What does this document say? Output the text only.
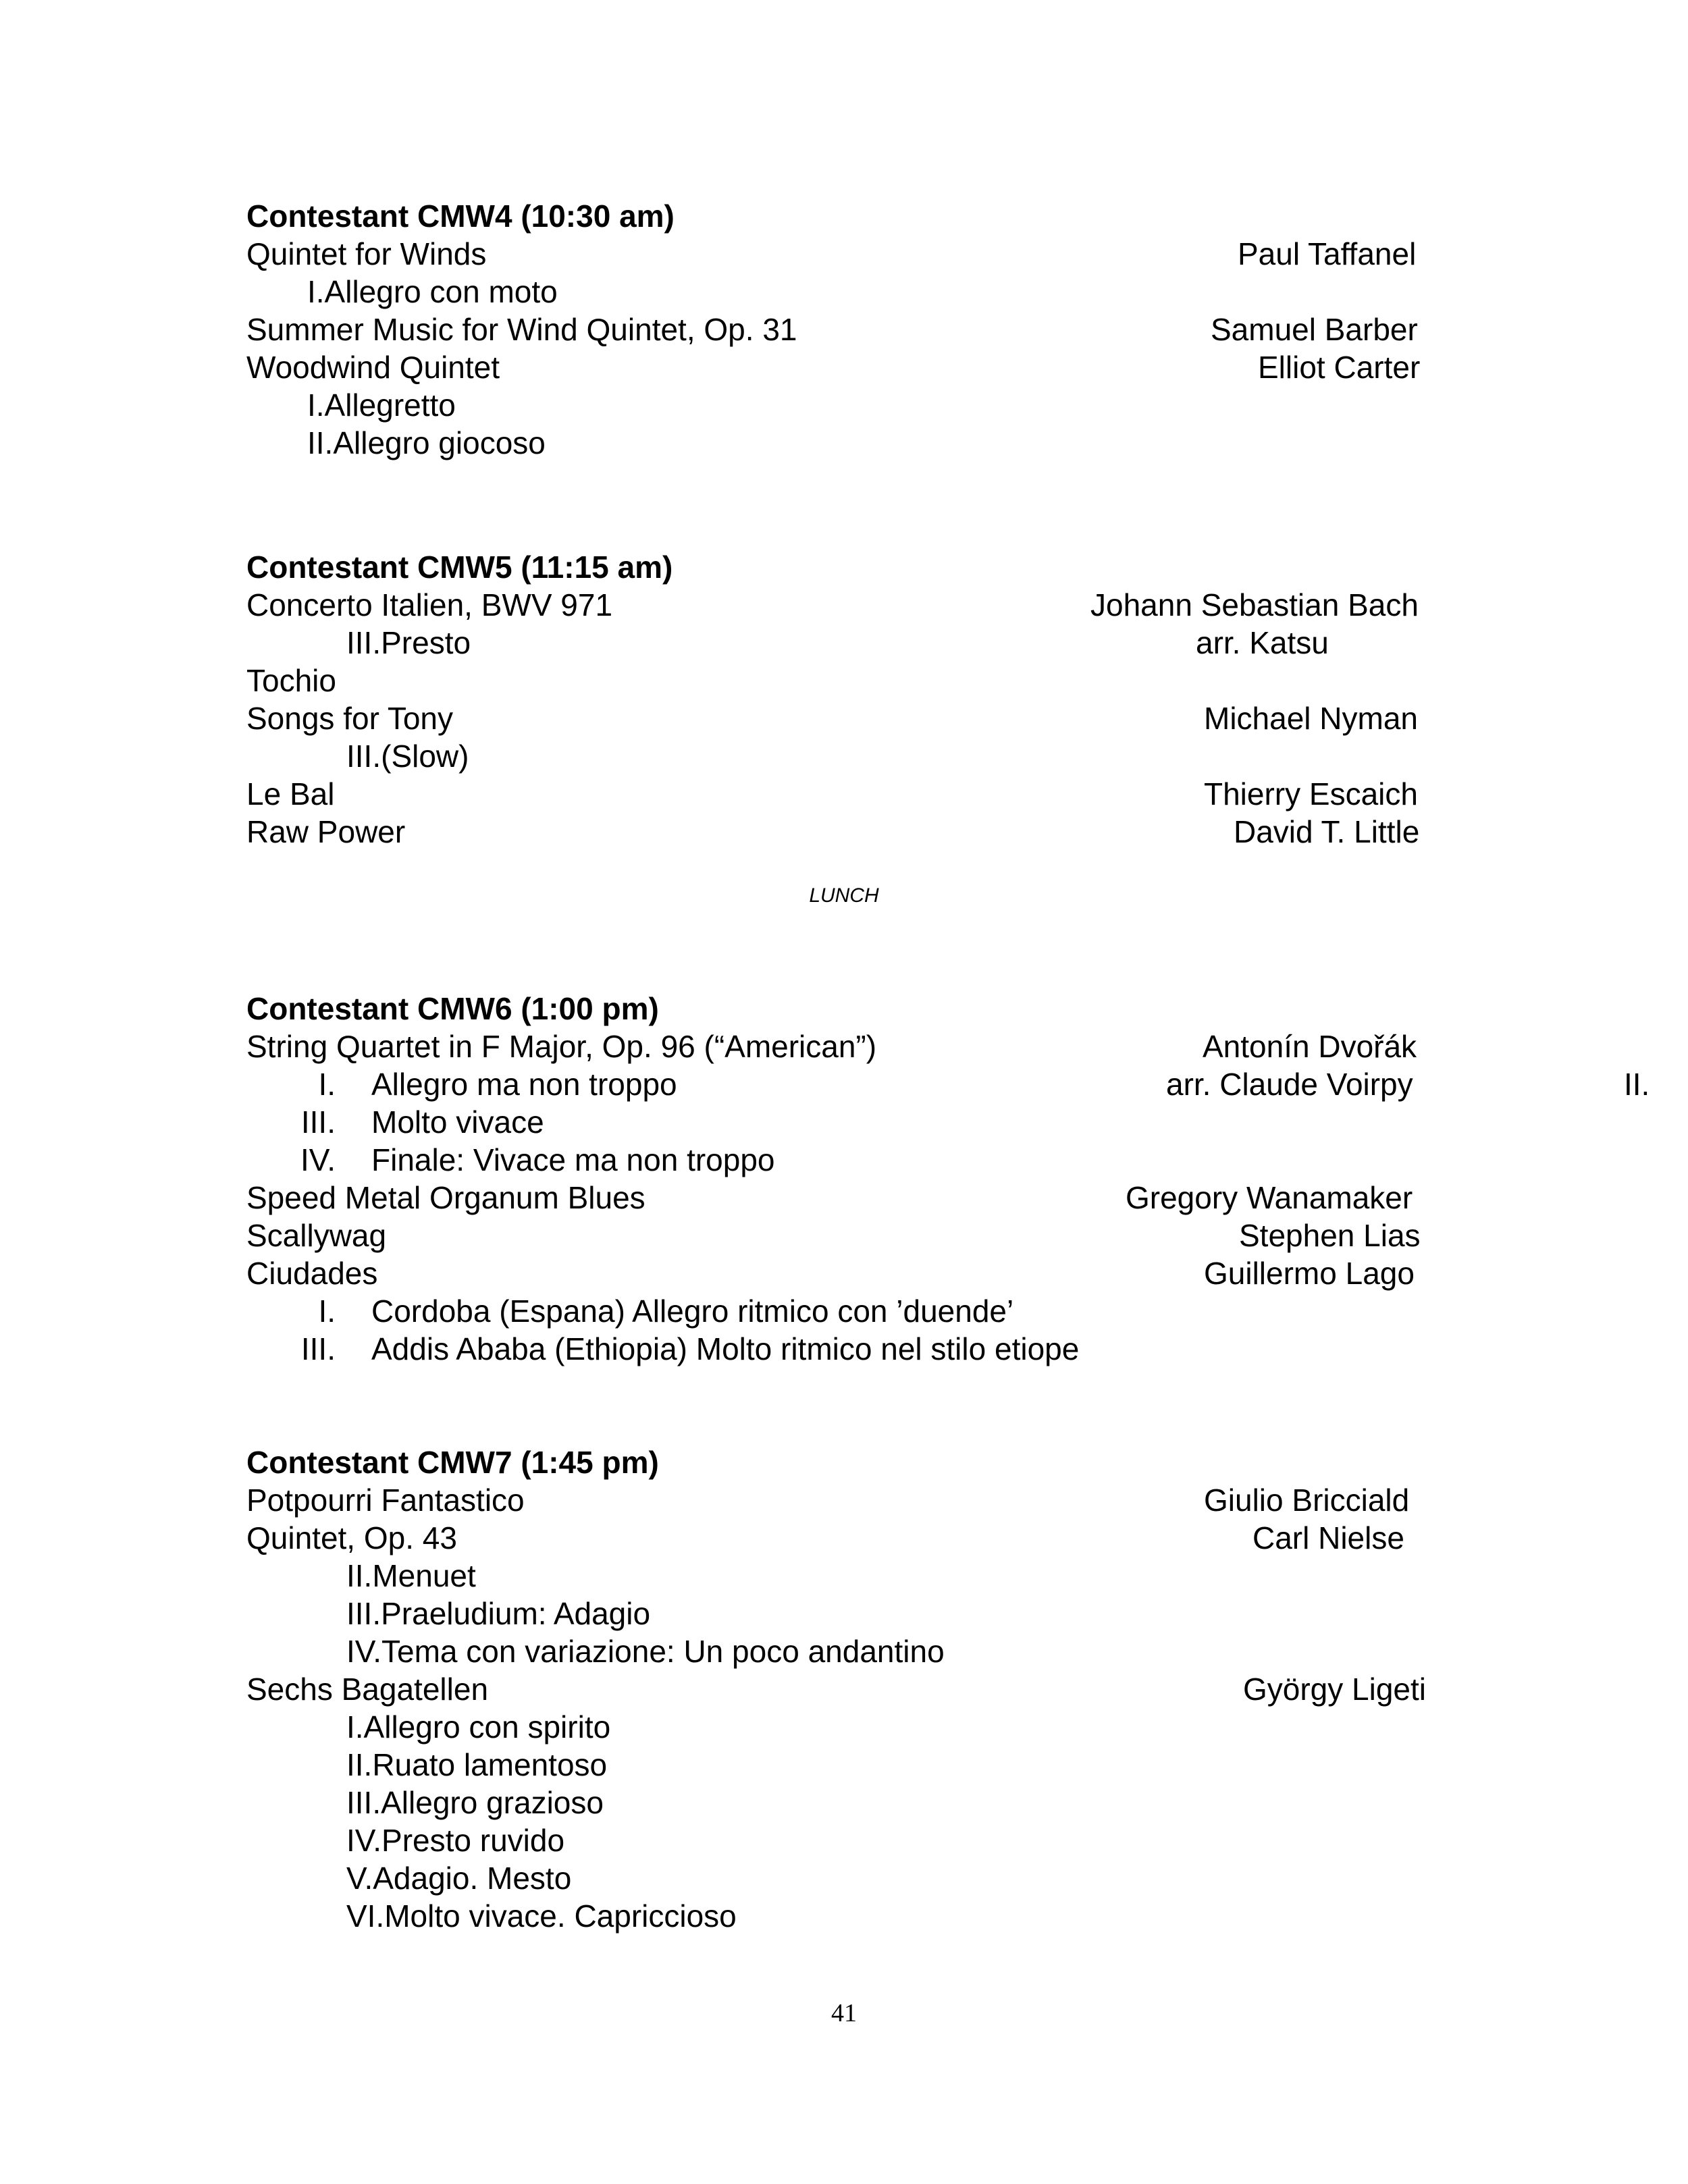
Contestant CMW4 (10:30 am)
Quintet for Winds	Paul Taffanel
I.Allegro con moto
Summer Music for Wind Quintet, Op. 31	Samuel Barber
Woodwind Quintet	Elliot Carter
I.Allegretto
II.Allegro giocoso
Contestant CMW5 (11:15 am)
Concerto Italien, BWV 971	Johann Sebastian Bach
III.Presto	arr. Katsu
Tochio
Songs for Tony	Michael Nyman
III.(Slow)
Le Bal	Thierry Escaich
Raw Power	David T. Little
LUNCH
Contestant CMW6 (1:00 pm)
String Quartet in F Major, Op. 96 (“American”)	Antonín Dvořák
I. Allegro ma non troppo	arr. Claude Voirpy	II.
III. Molto vivace
IV. Finale: Vivace ma non troppo
Speed Metal Organum Blues	Gregory Wanamaker
Scallywag	Stephen Lias
Ciudades	Guillermo Lago
I. Cordoba (Espana) Allegro ritmico con ’duende’
III. Addis Ababa (Ethiopia) Molto ritmico nel stilo etiope
Contestant CMW7 (1:45 pm)
Potpourri Fantastico	Giulio Bricciald
Quintet, Op. 43	Carl Nielse
II.Menuet
III.Praeludium: Adagio
IV.Tema con variazione: Un poco andantino
Sechs Bagatellen	György Ligeti
I.Allegro con spirito
II.Ruato lamentoso
III.Allegro grazioso
IV.Presto ruvido
V.Adagio. Mesto
VI.Molto vivace. Capriccioso
41
